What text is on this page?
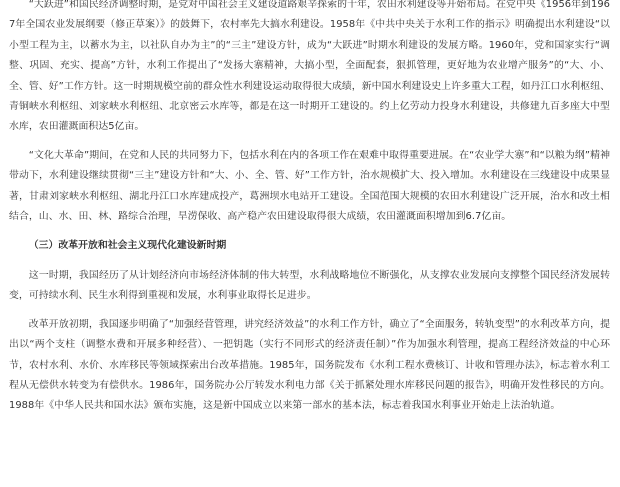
“大跃进”和国民经济调整时期，是党对中国社会主义建设道路艰辛探索的十年，农田水利建设等开始布局。在党中央《1956年到1967年全国农业发展纲要（修正草案）》的鼓舞下，农村率先大搞水利建设。1958年《中共中央关于水利工作的指示》明确提出水利建设“以小型工程为主，以蓄水为主，以社队自办为主”的“三主”建设方针，成为“大跃进”时期水利建设的发展方略。1960年，党和国家实行“调整、巩固、充实、提高”方针，水利工作提出了“发扬大寨精神，大搞小型，全面配套，狠抓管理，更好地为农业增产服务”的“大、小、全、管、好”工作方针。这一时期规模空前的群众性水利建设运动取得很大成绩，新中国水利建设史上许多重大工程，如丹江口水利枢纽、青铜峡水利枢纽、刘家峡水利枢纽、北京密云水库等，都是在这一时期开工建设的。约上亿劳动力投身水利建设，共修建九百多座大中型水库，农田灌溉面积达5亿亩。

“文化大革命”期间，在党和人民的共同努力下，包括水利在内的各项工作在艰难中取得重要进展。在“农业学大寨”和“以粮为纲”精神带动下，水利建设继续贯彻“三主”建设方针和“大、小、全、管、好”工作方针，治水规模扩大、投入增加。水利建设在三线建设中成果显著，甘肃刘家峡水利枢纽、湖北丹江口水库建成投产，葛洲坝水电站开工建设。全国范围大规模的农田水利建设广泛开展，治水和改土相结合，山、水、田、林、路综合治理，旱涝保收、高产稳产农田建设取得很大成绩，农田灌溉面积增加到6.7亿亩。

（三）改革开放和社会主义现代化建设新时期

这一时期，我国经历了从计划经济向市场经济体制的伟大转型，水利战略地位不断强化，从支撑农业发展向支撑整个国民经济发展转变，可持续水利、民生水利得到重视和发展，水利事业取得长足进步。

改革开放初期，我国逐步明确了“加强经营管理，讲究经济效益”的水利工作方针，确立了“全面服务，转轨变型”的水利改革方向，提出以“两个支柱（调整水费和开展多种经营）、一把钥匙（实行不同形式的经济责任制）”作为加强水利管理，提高工程经济效益的中心环节，农村水利、水价、水库移民等领域探索出台改革措施。1985年，国务院发布《水利工程水费核订、计收和管理办法》，标志着水利工程从无偿供水转变为有偿供水。1986年，国务院办公厅转发水利电力部《关于抓紧处理水库移民问题的报告》，明确开发性移民的方向。1988年《中华人民共和国水法》颁布实施，这是新中国成立以来第一部水的基本法，标志着我国水利事业开始走上法治轨道。
